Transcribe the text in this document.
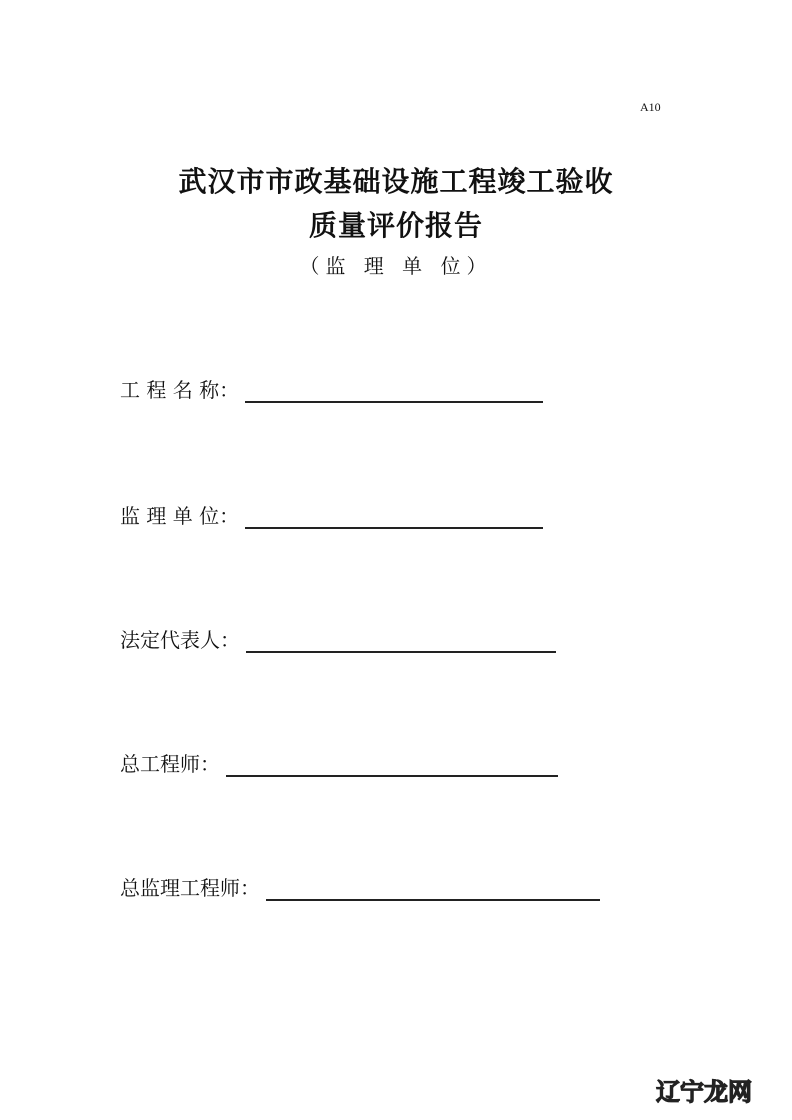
A10
武汉市市政基础设施工程竣工验收
质量评价报告
（监 理 单 位）
工 程 名 称：
监 理 单 位：
法定代表人：
总工程师：
总监理工程师：
辽宁龙网
